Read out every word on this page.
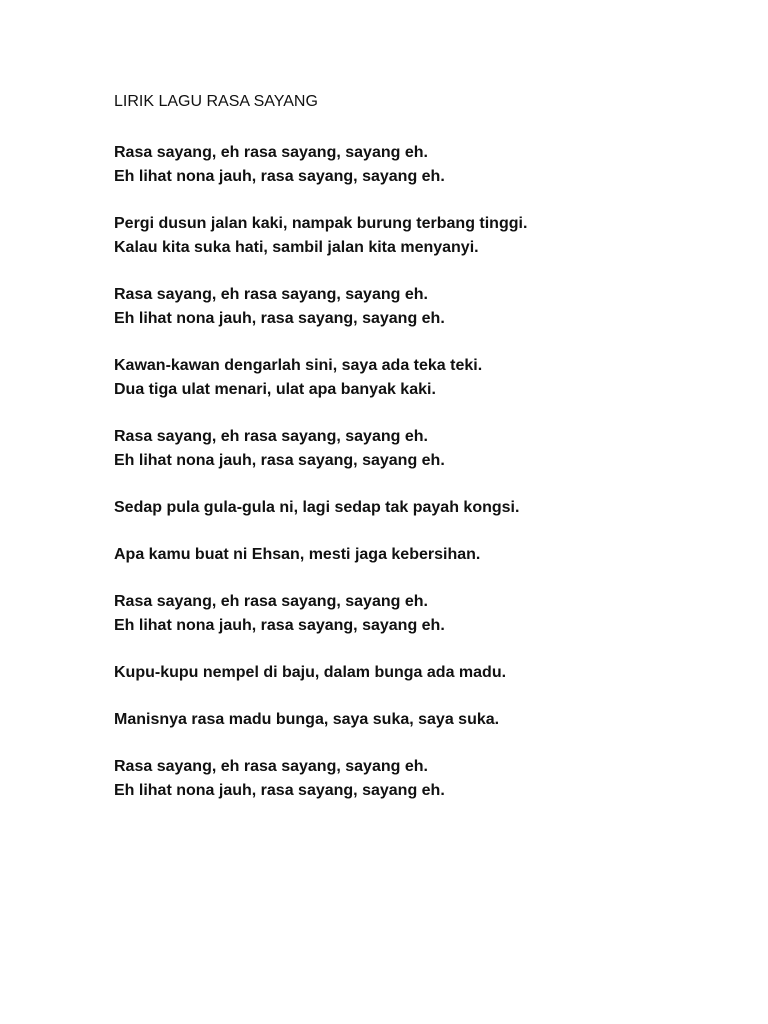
LIRIK LAGU RASA SAYANG
Rasa sayang, eh rasa sayang, sayang eh.
Eh lihat nona jauh, rasa sayang, sayang eh.
Pergi dusun jalan kaki, nampak burung terbang tinggi.
Kalau kita suka hati, sambil jalan kita menyanyi.
Rasa sayang, eh rasa sayang, sayang eh.
Eh lihat nona jauh, rasa sayang, sayang eh.
Kawan-kawan dengarlah sini, saya ada teka teki.
Dua tiga ulat menari, ulat apa banyak kaki.
Rasa sayang, eh rasa sayang, sayang eh.
Eh lihat nona jauh, rasa sayang, sayang eh.
Sedap pula gula-gula ni, lagi sedap tak payah kongsi.
Apa kamu buat ni Ehsan, mesti jaga kebersihan.
Rasa sayang, eh rasa sayang, sayang eh.
Eh lihat nona jauh, rasa sayang, sayang eh.
Kupu-kupu nempel di baju, dalam bunga ada madu.
Manisnya rasa madu bunga, saya suka, saya suka.
Rasa sayang, eh rasa sayang, sayang eh.
Eh lihat nona jauh, rasa sayang, sayang eh.
